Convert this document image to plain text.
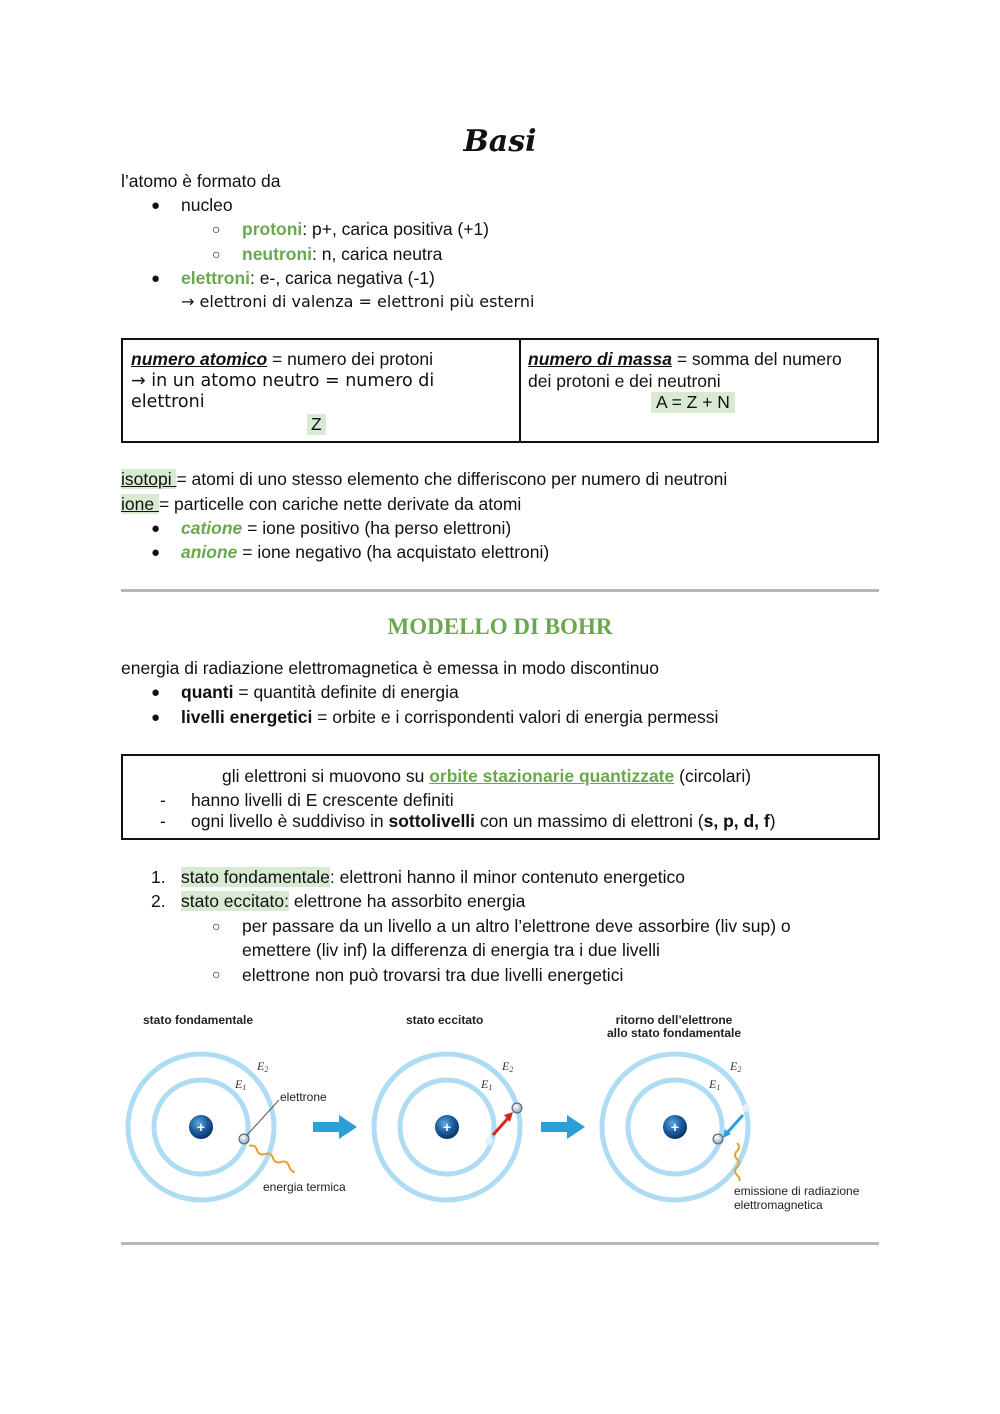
Basi
l’atomo è formato da
● nucleo
○ protoni: p+, carica positiva (+1)
○ neutroni: n, carica neutra
● elettroni: e-, carica negativa (-1)
→ elettroni di valenza = elettroni più esterni
numero atomico = numero dei protoni
→ in un atomo neutro = numero di
elettroni
Z
numero di massa = somma del numero
dei protoni e dei neutroni
A = Z + N
isotopi = atomi di uno stesso elemento che differiscono per numero di neutroni
ione = particelle con cariche nette derivate da atomi
● catione = ione positivo (ha perso elettroni)
● anione = ione negativo (ha acquistato elettroni)
MODELLO DI BOHR
energia di radiazione elettromagnetica è emessa in modo discontinuo
● quanti = quantità definite di energia
● livelli energetici = orbite e i corrispondenti valori di energia permessi
gli elettroni si muovono su orbite stazionarie quantizzate (circolari)
- hanno livelli di E crescente definiti
- ogni livello è suddiviso in sottolivelli con un massimo di elettroni (s, p, d, f)
1. stato fondamentale: elettroni hanno il minor contenuto energetico
2. stato eccitato: elettrone ha assorbito energia
○ per passare da un livello a un altro l’elettrone deve assorbire (liv sup) o
emettere (liv inf) la differenza di energia tra i due livelli
○ elettrone non può trovarsi tra due livelli energetici
stato fondamentale	stato eccitato	ritorno dell’elettrone
allo stato fondamentale
+
elettrone
energia termica
E1
E2
+
E1
E2
+
emissione di radiazione
elettromagnetica
E1
E2
